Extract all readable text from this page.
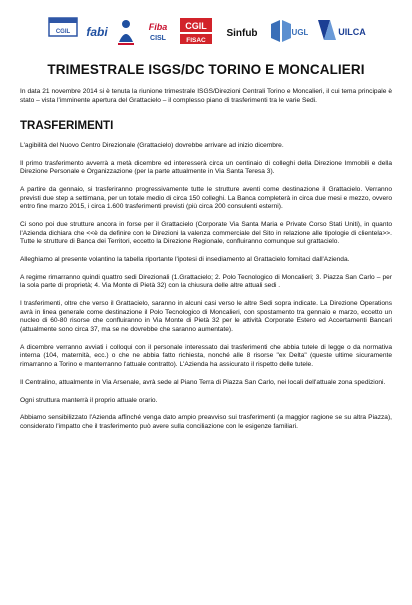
CGIL fabi	Fiba
CISL
CGIL
FISAC
Sinfub	UGL	UILCA
TRIMESTRALE ISGS/DC TORINO E MONCALIERI
In data 21 novembre 2014 si è tenuta la riunione trimestrale ISGS/Direzioni Centrali Torino e Moncalieri, il cui tema principale è stato – vista l'imminente apertura del Grattacielo – il complesso piano di trasferimenti tra le varie Sedi.
TRASFERIMENTI

L'agibilità del Nuovo Centro Direzionale (Grattacielo) dovrebbe arrivare ad inizio dicembre.

Il primo trasferimento avverrà a metà dicembre ed interesserà circa un centinaio di colleghi della Direzione Immobili e della Direzione Personale e Organizzazione (per la parte attualmente in Via Santa Teresa 3).

A partire da gennaio, si trasferiranno progressivamente tutte le strutture aventi come destinazione il Grattacielo. Verranno previsti due step a settimana, per un totale medio di circa 150 colleghi. La Banca completerà in circa due mesi e mezzo, ovvero entro fine marzo 2015, i circa 1.600 trasferimenti previsti (più circa 200 consulenti esterni).

Ci sono poi due strutture ancora in forse per il Grattacielo (Corporate Via Santa Maria e Private Corso Stati Uniti), in quanto l'Azienda dichiara che <<è da definire con le Direzioni la valenza commerciale del Sito in relazione alle tipologie di clientela>>. Tutte le strutture di Banca dei Territori, eccetto la Direzione Regionale, confluiranno comunque sul grattacielo.

Alleghiamo al presente volantino la tabella riportante l'ipotesi di insediamento al Grattacielo fornitaci dall'Azienda.

A regime rimarranno quindi quattro sedi Direzionali (1.Grattacielo; 2. Polo Tecnologico di Moncalieri; 3. Piazza San Carlo – per la sola parte di proprietà; 4. Via Monte di Pietà 32) con la chiusura delle altre attuali sedi .

I trasferimenti, oltre che verso il Grattacielo, saranno in alcuni casi verso le altre Sedi sopra indicate. La Direzione Operations avrà in linea generale come destinazione il Polo Tecnologico di Moncalieri, con spostamento tra gennaio e marzo, eccetto un nucleo di 60-80 risorse che confluiranno in Via Monte di Pietà 32 per le attività Corporate Estero ed Accertamenti Bancari (attualmente sono circa 37, ma se ne dovrebbe che saranno aumentate).

A dicembre verranno avviati i colloqui con il personale interessato dai trasferimenti che abbia tutele di legge o da normativa interna (104, maternità, ecc.) o che ne abbia fatto richiesta, nonché alle 8 risorse "ex Delta" (queste ultime sicuramente rimarranno a Torino e manterranno l'attuale contratto). L'Azienda ha assicurato il rispetto delle tutele.

Il Centralino, attualmente in Via Arsenale, avrà sede al Piano Terra di Piazza San Carlo, nei locali dell'attuale zona spedizioni.

Ogni struttura manterrà il proprio attuale orario.

Abbiamo sensibilizzato l'Azienda affinché venga dato ampio preavviso sui trasferimenti (a maggior ragione se su altra Piazza), considerato l'impatto che il trasferimento può avere sulla conciliazione con le esigenze familiari.
